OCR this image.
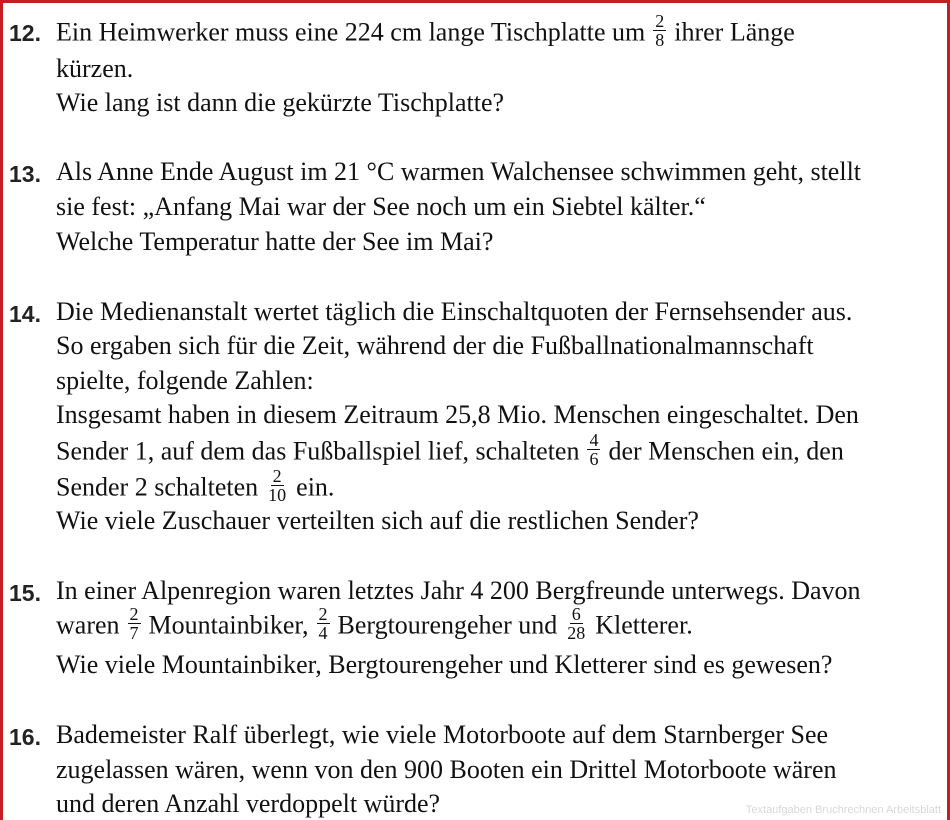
12. Ein Heimwerker muss eine 224 cm lange Tischplatte um $\frac{2}{8}$ ihrer Länge
kürzen.
Wie lang ist dann die gekürzte Tischplatte?
13. Als Anne Ende August im 21 °C warmen Walchensee schwimmen geht, stellt
sie fest: „Anfang Mai war der See noch um ein Siebtel kälter.“
Welche Temperatur hatte der See im Mai?
14. Die Medienanstalt wertet täglich die Einschaltquoten der Fernsehsender aus.
So ergaben sich für die Zeit, während der die Fußballnationalmannschaft
spielte, folgende Zahlen:
Insgesamt haben in diesem Zeitraum 25,8 Mio. Menschen eingeschaltet. Den
Sender 1, auf dem das Fußballspiel lief, schalteten $\frac{4}{6}$ der Menschen ein, den
Sender 2 schalteten $\frac{2}{10}$ ein.
Wie viele Zuschauer verteilten sich auf die restlichen Sender?
15. In einer Alpenregion waren letztes Jahr 4 200 Bergfreunde unterwegs. Davon
waren $\frac{2}{7}$ Mountainbiker, $\frac{2}{4}$ Bergtourengeher und $\frac{6}{28}$ Kletterer.
Wie viele Mountainbiker, Bergtourengeher und Kletterer sind es gewesen?
16. Bademeister Ralf überlegt, wie viele Motorboote auf dem Starnberger See
zugelassen wären, wenn von den 900 Booten ein Drittel Motorboote wären
und deren Anzahl verdoppelt würde?	Textaufgaben Bruchrechnen Arbeitsblatt
